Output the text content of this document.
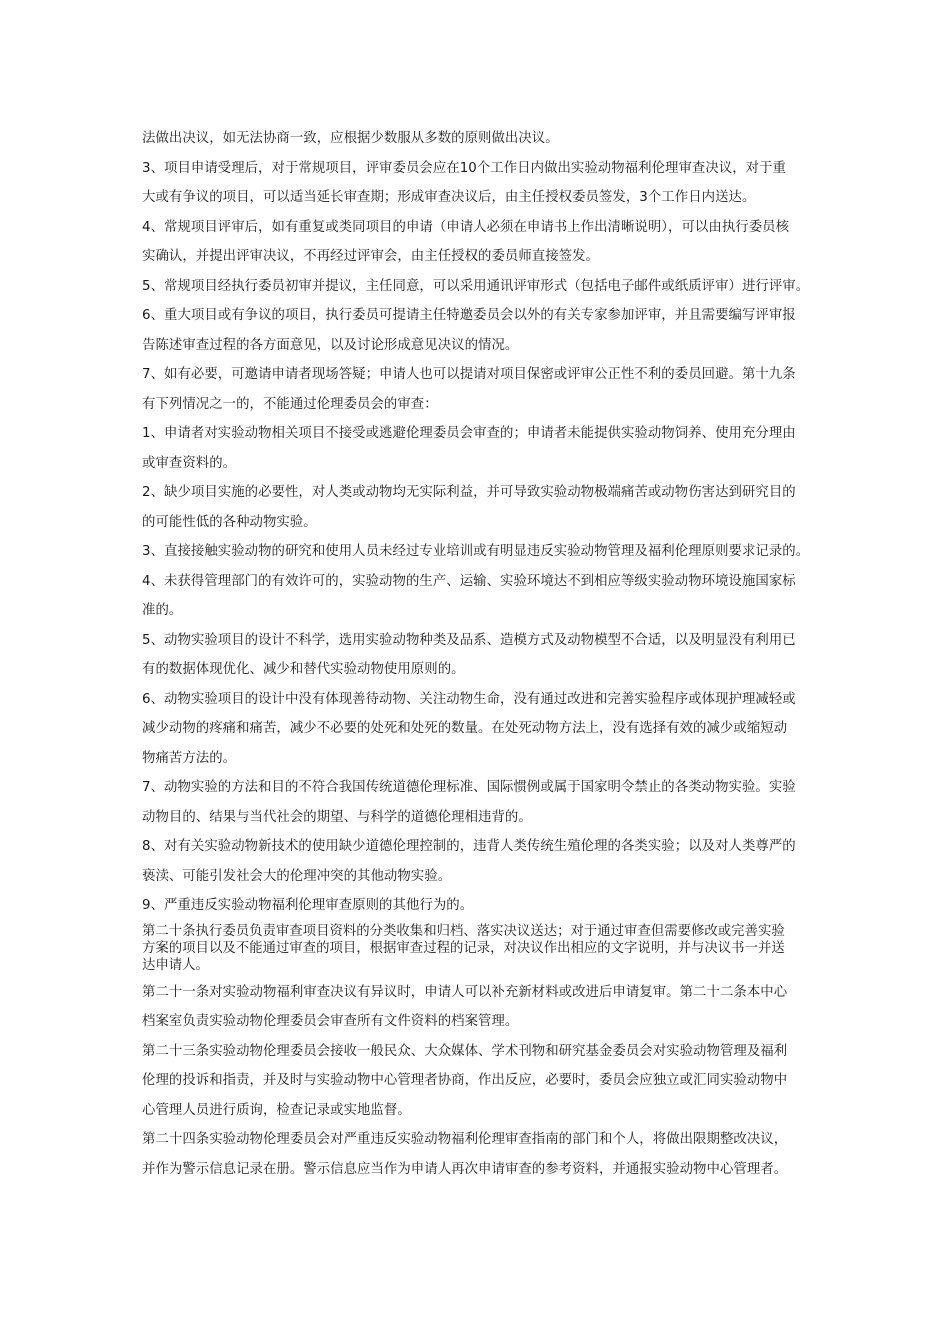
法做出决议，如无法协商一致，应根据少数服从多数的原则做出决议。
3、项目申请受理后，对于常规项目，评审委员会应在10个工作日内做出实验动物福利伦理审查决议，对于重
大或有争议的项目，可以适当延长审查期；形成审查决议后，由主任授权委员签发，3个工作日内送达。
4、常规项目评审后，如有重复或类同项目的申请（申请人必须在申请书上作出清晰说明），可以由执行委员核
实确认，并提出评审决议，不再经过评审会，由主任授权的委员师直接签发。
5、常规项目经执行委员初审并提议，主任同意，可以采用通讯评审形式（包括电子邮件或纸质评审）进行评审。
6、重大项目或有争议的项目，执行委员可提请主任特邀委员会以外的有关专家参加评审，并且需要编写评审报
告陈述审查过程的各方面意见，以及讨论形成意见决议的情况。
7、如有必要，可邀请申请者现场答疑；申请人也可以提请对项目保密或评审公正性不利的委员回避。第十九条
有下列情况之一的，不能通过伦理委员会的审查：
1、申请者对实验动物相关项目不接受或逃避伦理委员会审查的；申请者未能提供实验动物饲养、使用充分理由
或审查资料的。
2、缺少项目实施的必要性，对人类或动物均无实际利益，并可导致实验动物极端痛苦或动物伤害达到研究目的
的可能性低的各种动物实验。
3、直接接触实验动物的研究和使用人员未经过专业培训或有明显违反实验动物管理及福利伦理原则要求记录的。
4、未获得管理部门的有效许可的，实验动物的生产、运输、实验环境达不到相应等级实验动物环境设施国家标
准的。
5、动物实验项目的设计不科学，选用实验动物种类及品系、造模方式及动物模型不合适，以及明显没有利用已
有的数据体现优化、减少和替代实验动物使用原则的。
6、动物实验项目的设计中没有体现善待动物、关注动物生命，没有通过改进和完善实验程序或体现护理减轻或
减少动物的疼痛和痛苦，减少不必要的处死和处死的数量。在处死动物方法上，没有选择有效的减少或缩短动
物痛苦方法的。
7、动物实验的方法和目的不符合我国传统道德伦理标准、国际惯例或属于国家明令禁止的各类动物实验。实验
动物目的、结果与当代社会的期望、与科学的道德伦理相违背的。
8、对有关实验动物新技术的使用缺少道德伦理控制的，违背人类传统生殖伦理的各类实验；以及对人类尊严的
亵渎、可能引发社会大的伦理冲突的其他动物实验。
9、严重违反实验动物福利伦理审查原则的其他行为的。
第二十条执行委员负责审查项目资料的分类收集和归档、落实决议送达；对于通过审查但需要修改或完善实验
方案的项目以及不能通过审查的项目，根据审查过程的记录，对决议作出相应的文字说明，并与决议书一并送
达申请人。
第二十一条对实验动物福利审查决议有异议时，申请人可以补充新材料或改进后申请复审。第二十二条本中心
档案室负责实验动物伦理委员会审查所有文件资料的档案管理。
第二十三条实验动物伦理委员会接收一般民众、大众媒体、学术刊物和研究基金委员会对实验动物管理及福利
伦理的投诉和指责，并及时与实验动物中心管理者协商，作出反应，必要时，委员会应独立或汇同实验动物中
心管理人员进行质询，检查记录或实地监督。
第二十四条实验动物伦理委员会对严重违反实验动物福利伦理审查指南的部门和个人，将做出限期整改决议，
并作为警示信息记录在册。警示信息应当作为申请人再次申请审查的参考资料，并通报实验动物中心管理者。
